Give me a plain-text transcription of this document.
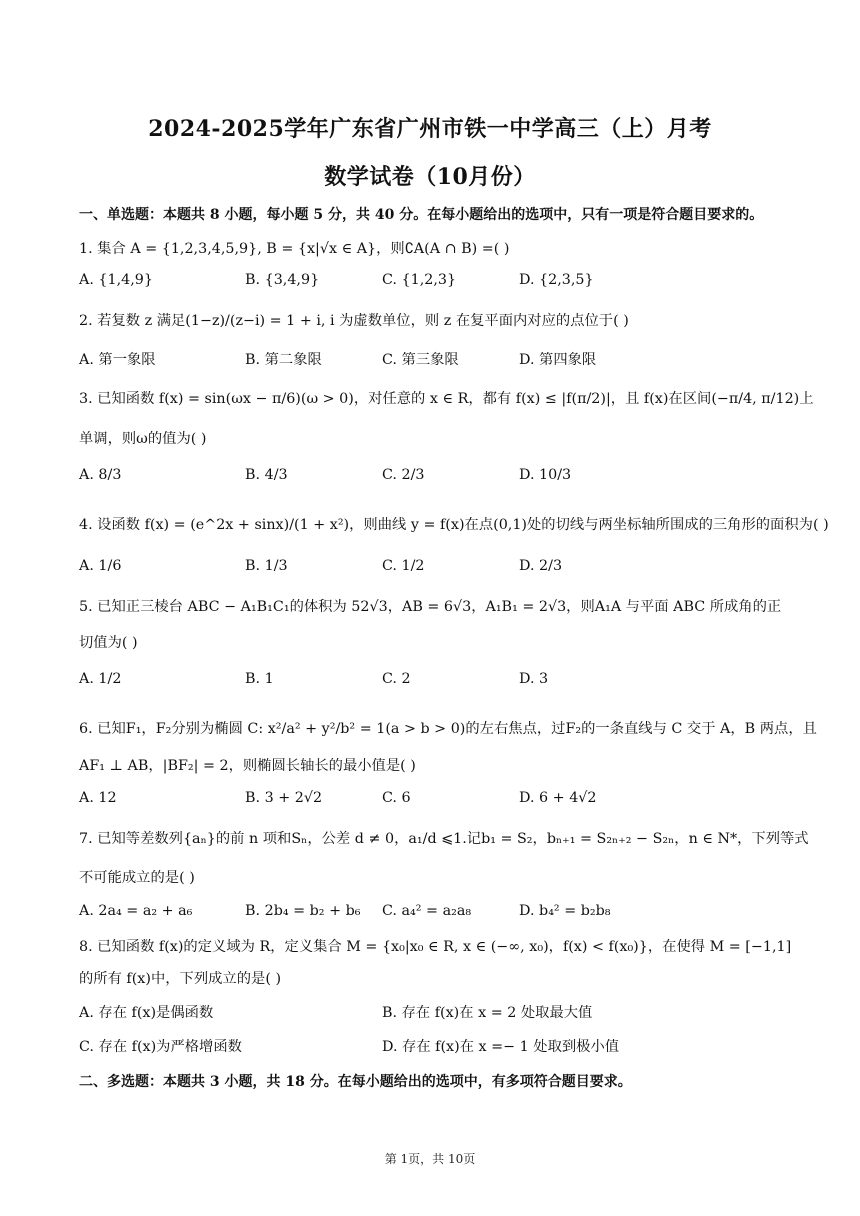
2024-2025学年广东省广州市铁一中学高三（上）月考
数学试卷（10月份）
一、单选题：本题共 8 小题，每小题 5 分，共 40 分。在每小题给出的选项中，只有一项是符合题目要求的。
1. 集合 A = {1,2,3,4,5,9}, B = {x|√x ∈ A}，则∁A(A ∩ B) =( )
A. {1,4,9}	B. {3,4,9}	C. {1,2,3}	D. {2,3,5}
2. 若复数 z 满足(1−z)/(z−i) = 1 + i, i 为虚数单位，则 z 在复平面内对应的点位于( )
A. 第一象限	B. 第二象限	C. 第三象限	D. 第四象限
3. 已知函数 f(x) = sin(ωx − π/6)(ω > 0)，对任意的 x ∈ R，都有 f(x) ≤ |f(π/2)|，且 f(x)在区间(−π/4, π/12)上
单调，则ω的值为( )
A. 8/3	B. 4/3	C. 2/3	D. 10/3
4. 设函数 f(x) = (e^2x + sinx)/(1 + x²)，则曲线 y = f(x)在点(0,1)处的切线与两坐标轴所围成的三角形的面积为( )
A. 1/6	B. 1/3	C. 1/2	D. 2/3
5. 已知正三棱台 ABC − A₁B₁C₁的体积为 52√3，AB = 6√3，A₁B₁ = 2√3，则A₁A 与平面 ABC 所成角的正
切值为( )
A. 1/2	B. 1	C. 2	D. 3
6. 已知F₁，F₂分别为椭圆 C: x²/a² + y²/b² = 1(a > b > 0)的左右焦点，过F₂的一条直线与 C 交于 A，B 两点，且
AF₁ ⊥ AB，|BF₂| = 2，则椭圆长轴长的最小值是( )
A. 12	B. 3 + 2√2	C. 6	D. 6 + 4√2
7. 已知等差数列{aₙ}的前 n 项和Sₙ，公差 d ≠ 0，a₁/d ⩽1.记b₁ = S₂，bₙ₊₁ = S₂ₙ₊₂ − S₂ₙ，n ∈ N*，下列等式
不可能成立的是( )
A. 2a₄ = a₂ + a₆	B. 2b₄ = b₂ + b₆ C. a₄² = a₂a₈	D. b₄² = b₂b₈
8. 已知函数 f(x)的定义域为 R，定义集合 M = {x₀|x₀ ∈ R, x ∈ (−∞, x₀)，f(x) < f(x₀)}，在使得 M = [−1,1]
的所有 f(x)中，下列成立的是( )
A. 存在 f(x)是偶函数	B. 存在 f(x)在 x = 2 处取最大值
C. 存在 f(x)为严格增函数	D. 存在 f(x)在 x =− 1 处取到极小值
二、多选题：本题共 3 小题，共 18 分。在每小题给出的选项中，有多项符合题目要求。
第 1页，共 10页
